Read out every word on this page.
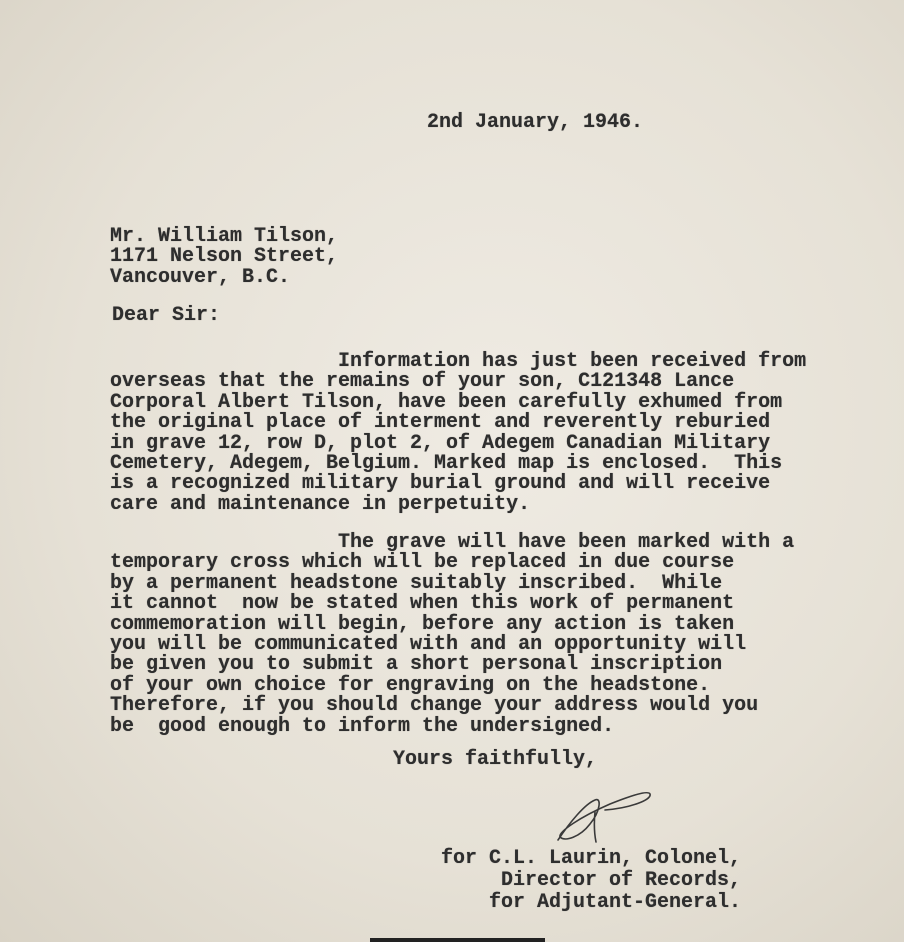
2nd January, 1946.
Mr. William Tilson,
1171 Nelson Street,
Vancouver, B.C.
Dear Sir:
Information has just been received from
overseas that the remains of your son, C121348 Lance
Corporal Albert Tilson, have been carefully exhumed from
the original place of interment and reverently reburied
in grave 12, row D, plot 2, of Adegem Canadian Military
Cemetery, Adegem, Belgium. Marked map is enclosed.  This
is a recognized military burial ground and will receive
care and maintenance in perpetuity.
The grave will have been marked with a
temporary cross which will be replaced in due course
by a permanent headstone suitably inscribed.  While
it cannot  now be stated when this work of permanent
commemoration will begin, before any action is taken
you will be communicated with and an opportunity will
be given you to submit a short personal inscription
of your own choice for engraving on the headstone.
Therefore, if you should change your address would you
be  good enough to inform the undersigned.
Yours faithfully,
for C.L. Laurin, Colonel,
Director of Records,
for Adjutant-General.
